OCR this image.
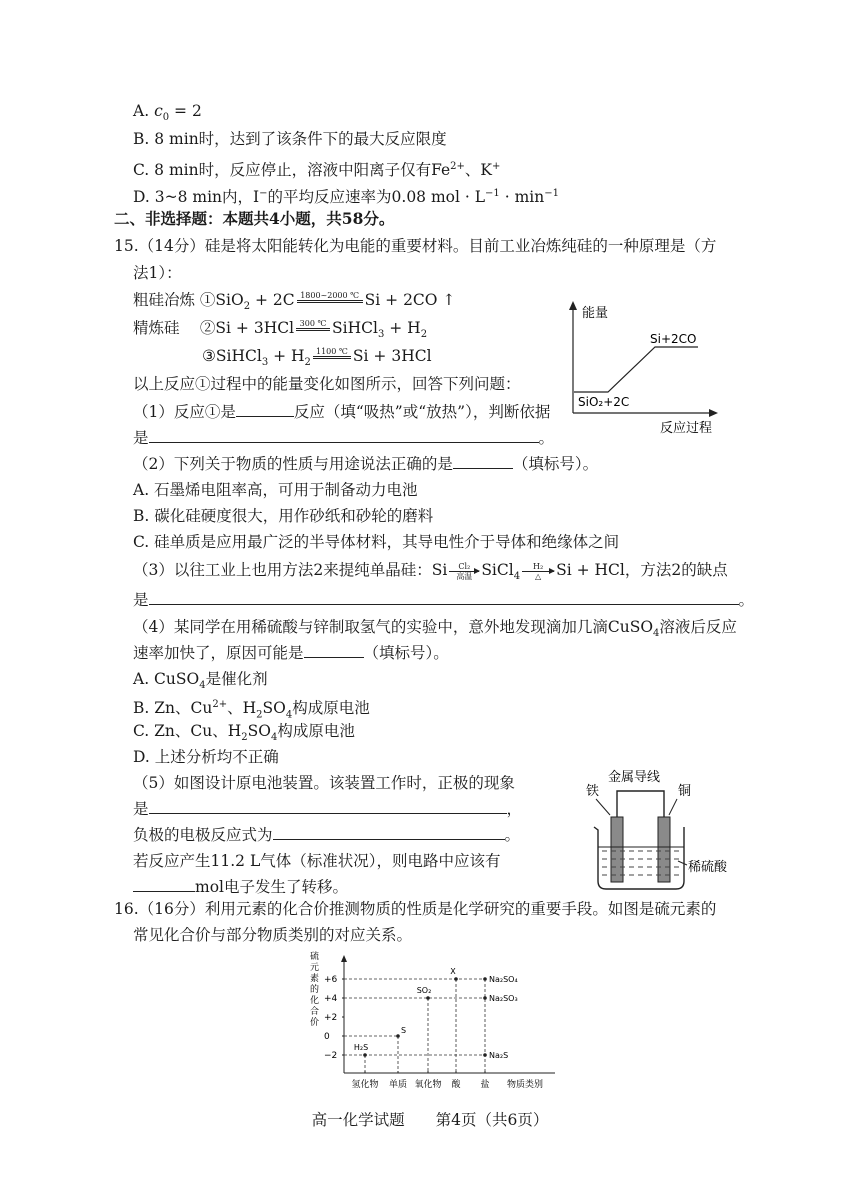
A. $c_0 = 2$
B. 8 min时，达到了该条件下的最大反应限度
C. 8 min时，反应停止，溶液中阳离子仅有$Fe^{2+}$、K+
D. 3~8 min内，I−的平均反应速率为0.08 mol · $L^{-1} \cdot \min^{-1}$
二、非选择题：本题共4小题，共58分。
15.（14分）硅是将太阳能转化为电能的重要材料。目前工业冶炼纯硅的一种原理是（方
法1）：
粗硅冶炼 ①SiO$_2$ + 2C 1800~2000 ℃
Si + 2CO ↑
精炼硅　 ②Si + 3HCl 300 ℃
SiHCl$_3$ + $H_2$
③SiHCl$_3$ + $H_2$
1100 ℃
Si + 3HCl
以上反应①过程中的能量变化如图所示，回答下列问题：
（1）反应①是	反应（填“吸热”或“放热”），判断依据
是	。
能量
Si+2CO
SiO₂+2C
反应过程
（2）下列关于物质的性质与用途说法正确的是	（填标号）。
A. 石墨烯电阻率高，可用于制备动力电池
B. 碳化硅硬度很大，用作砂纸和砂轮的磨料
C. 硅单质是应用最广泛的半导体材料，其导电性介于导体和绝缘体之间
（3）以往工业上也用方法2来提纯单晶硅：Si	Cl₂
高温 SiCl$_4$
H₂
△ Si + HCl，方法2的缺点
是	。
（4）某同学在用稀硫酸与锌制取氢气的实验中，意外地发现滴加几滴CuSO$_4$溶液后反应
速率加快了，原因可能是	（填标号）。
A. CuSO$_4$是催化剂
B. Zn、$Cu^{2+}$、$H_2SO_4$构成原电池
C. Zn、Cu、$H_2SO_4$构成原电池
D. 上述分析均不正确
（5）如图设计原电池装置。该装置工作时，正极的现象
是	，
负极的电极反应式为	。
若反应产生11.2 L气体（标准状况），则电路中应该有
mol电子发生了转移。
金属导线
铁	铜
稀硫酸
16.（16分）利用元素的化合价推测物质的性质是化学研究的重要手段。如图是硫元素的
常见化合价与部分物质类别的对应关系。
硫
元
素
的
化
合
价
+6
+4
+2
0
−2
X
SO₂
S
H₂S
Na₂SO₄
Na₂SO₃
Na₂S
氢化物 单质 氧化物 酸 盐 物质类别
高一化学试题　　第4页（共6页）
